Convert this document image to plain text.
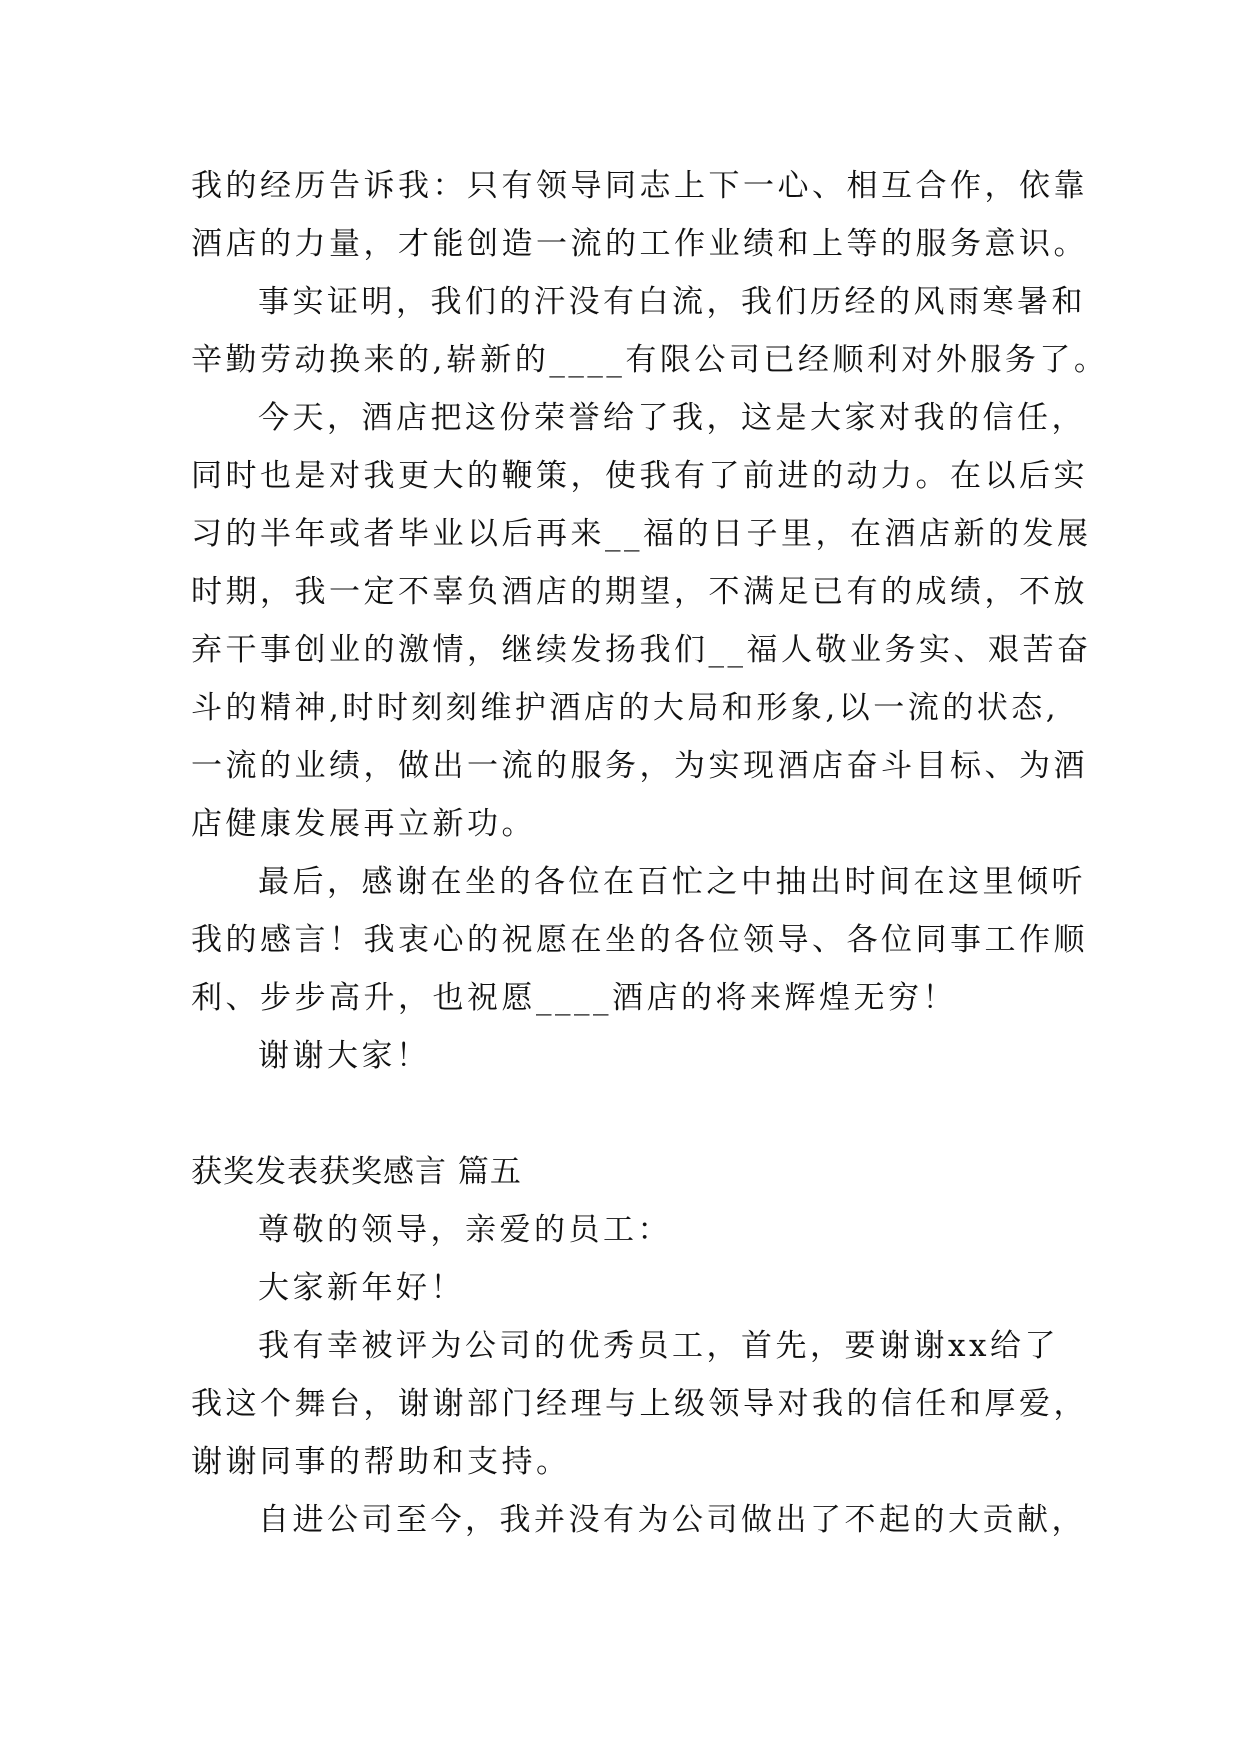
我的经历告诉我：只有领导同志上下一心、相互合作，依靠
酒店的力量，才能创造一流的工作业绩和上等的服务意识。
事实证明，我们的汗没有白流，我们历经的风雨寒暑和
辛勤劳动换来的,崭新的____有限公司已经顺利对外服务了。
今天，酒店把这份荣誉给了我，这是大家对我的信任，
同时也是对我更大的鞭策，使我有了前进的动力。在以后实
习的半年或者毕业以后再来__福的日子里，在酒店新的发展
时期，我一定不辜负酒店的期望，不满足已有的成绩，不放
弃干事创业的激情，继续发扬我们__福人敬业务实、艰苦奋
斗的精神,时时刻刻维护酒店的大局和形象,以一流的状态,
一流的业绩，做出一流的服务，为实现酒店奋斗目标、为酒
店健康发展再立新功。
最后，感谢在坐的各位在百忙之中抽出时间在这里倾听
我的感言！我衷心的祝愿在坐的各位领导、各位同事工作顺
利、步步高升，也祝愿____酒店的将来辉煌无穷！
谢谢大家！
获奖发表获奖感言 篇五
尊敬的领导，亲爱的员工：
大家新年好！
我有幸被评为公司的优秀员工，首先，要谢谢xx给了
我这个舞台，谢谢部门经理与上级领导对我的信任和厚爱，
谢谢同事的帮助和支持。
自进公司至今，我并没有为公司做出了不起的大贡献，
